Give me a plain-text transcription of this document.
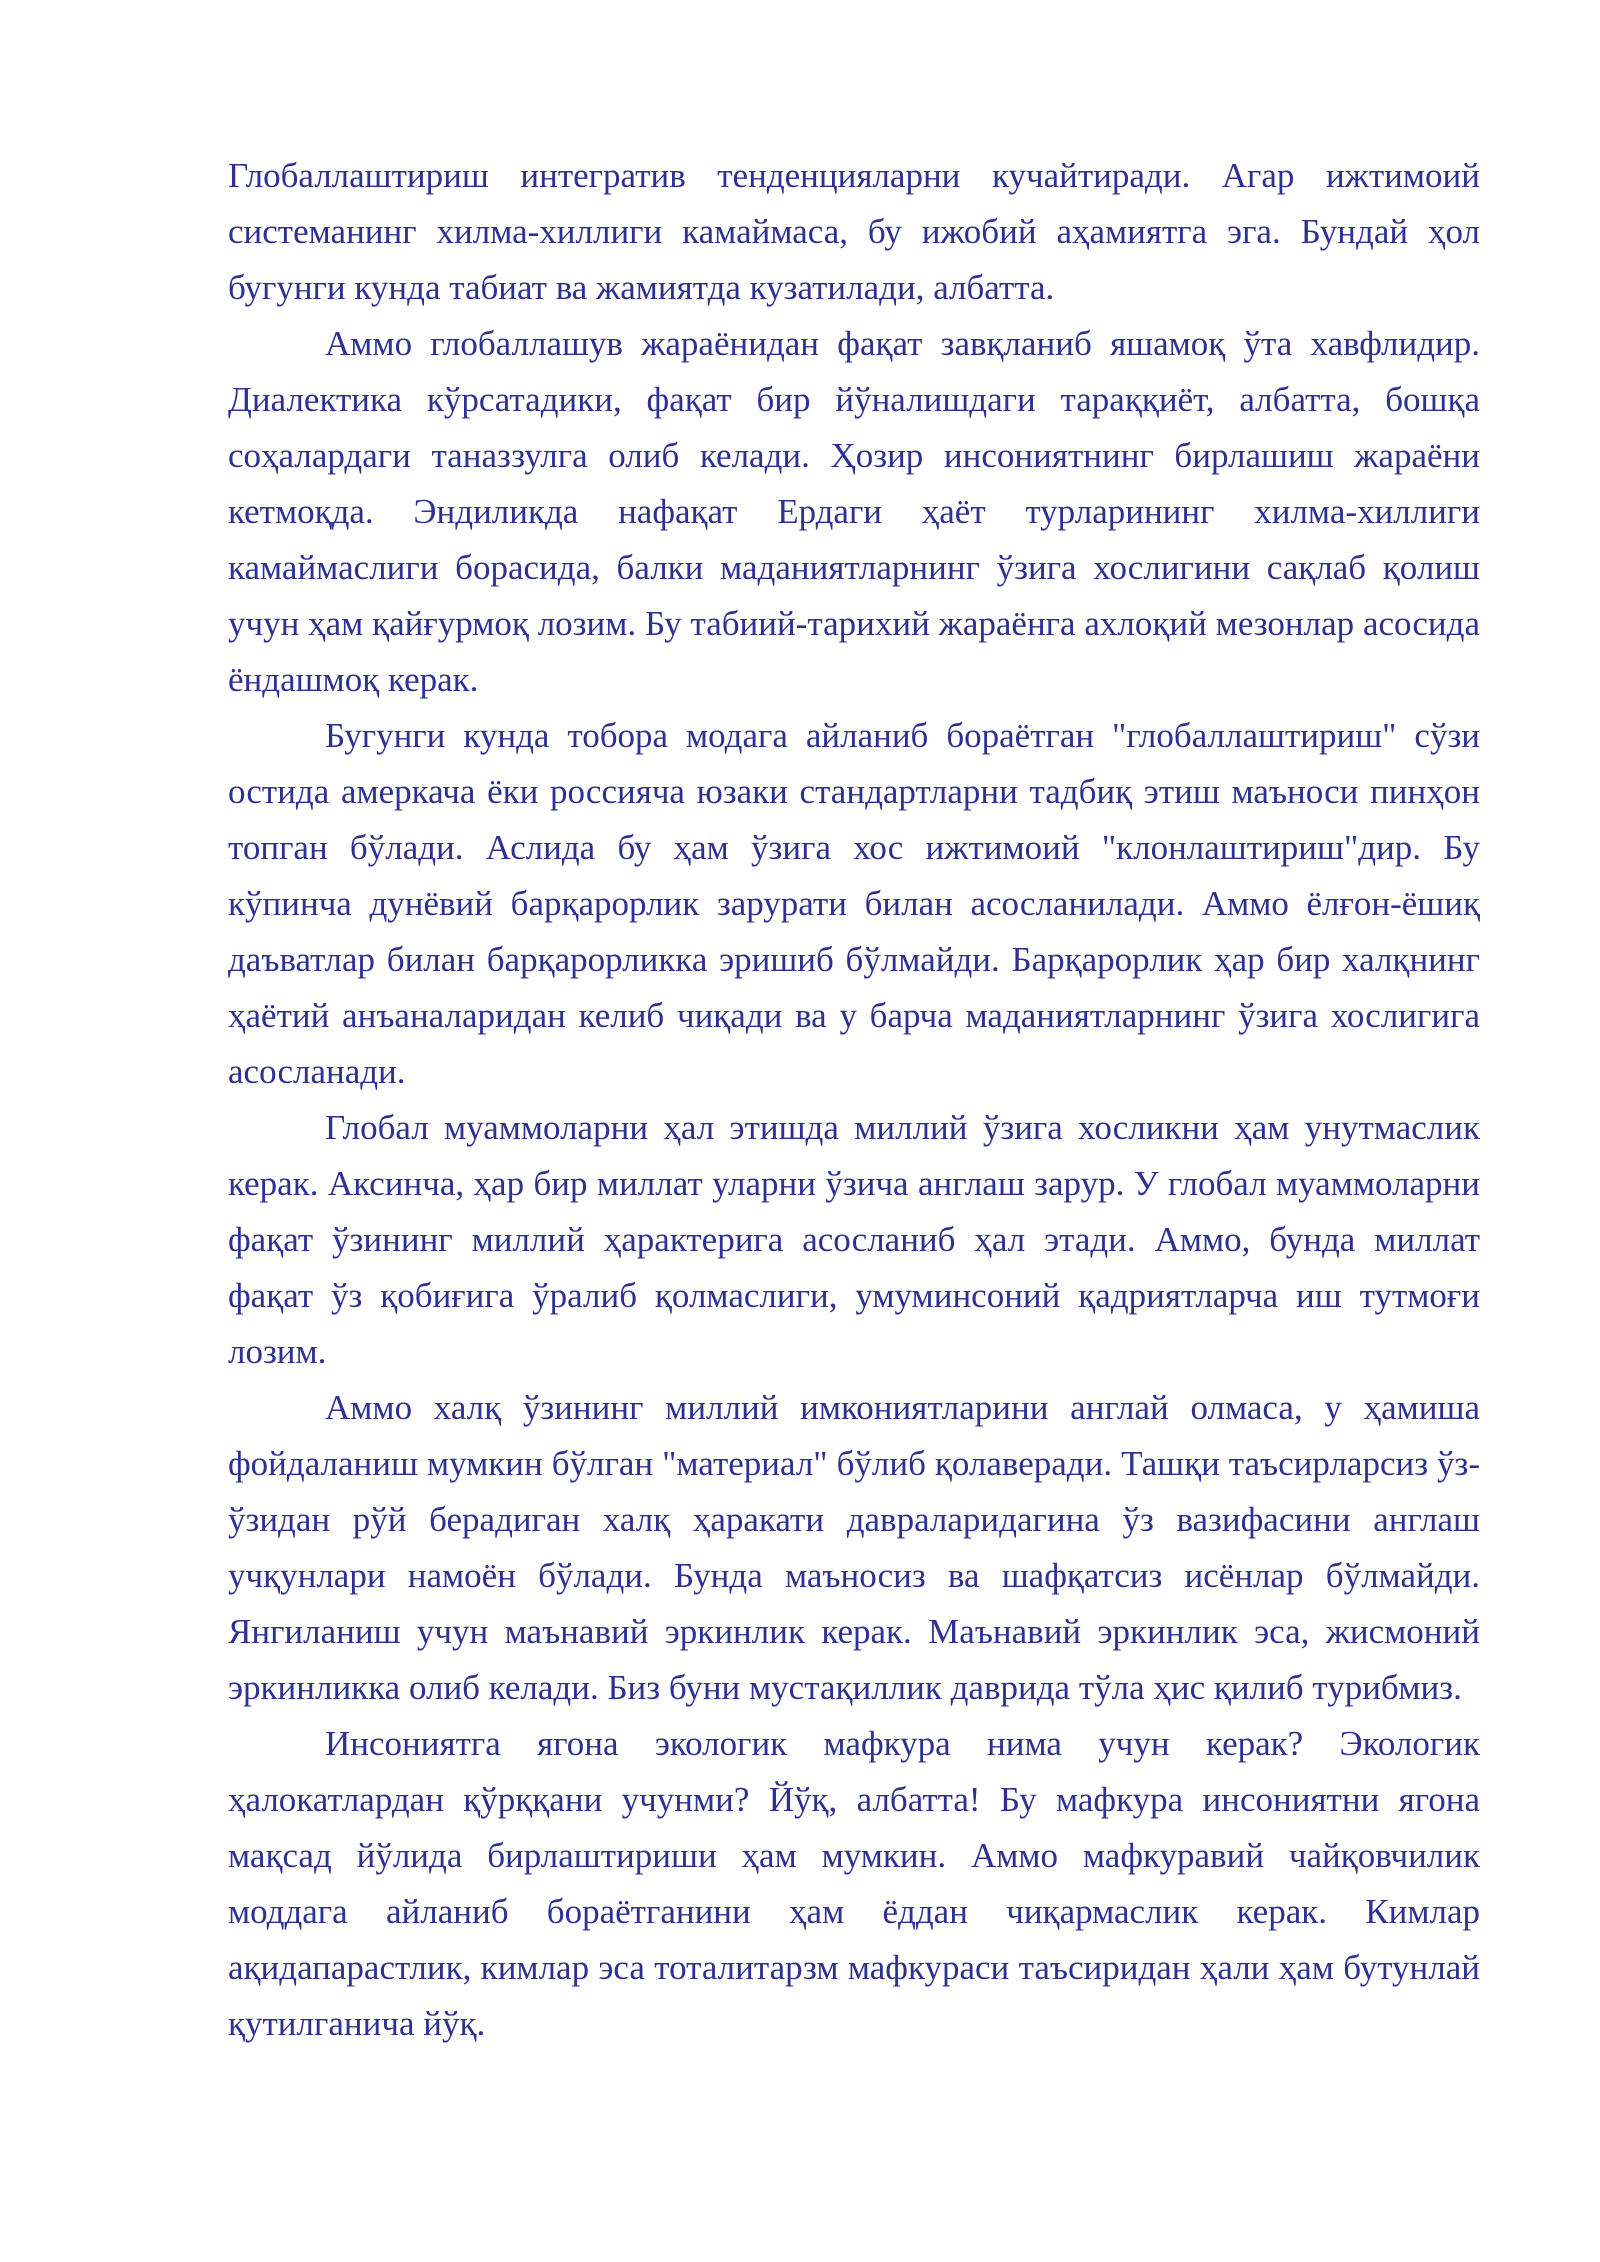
Глобаллаштириш интегратив тенденцияларни кучайтиради. Агар ижтимоий системанинг хилма-хиллиги камаймаса, бу ижобий аҳамиятга эга. Бундай ҳол бугунги кунда табиат ва жамиятда кузатилади, албатта.

Аммо глобаллашув жараёнидан фақат завқланиб яшамоқ ўта хавфлидир. Диалектика кўрсатадики, фақат бир йўналишдаги тараққиёт, албатта, бошқа соҳалардаги таназзулга олиб келади. Ҳозир инсониятнинг бирлашиш жараёни кетмоқда. Эндиликда нафақат Ердаги ҳаёт турларининг хилма-хиллиги камаймаслиги борасида, балки маданиятларнинг ўзига хослигини сақлаб қолиш учун ҳам қайғурмоқ лозим. Бу табиий-тарихий жараёнга ахлоқий мезонлар асосида ёндашмоқ керак.

Бугунги кунда тобора модага айланиб бораётган "глобаллаштириш" сўзи остида амеркача ёки россияча юзаки стандартларни тадбиқ этиш маъноси пинҳон топган бўлади. Аслида бу ҳам ўзига хос ижтимоий "клонлаштириш"дир. Бу кўпинча дунёвий барқарорлик зарурати билан асосланилади. Аммо ёлғон-ёшиқ даъватлар билан барқарорликка эришиб бўлмайди. Барқарорлик ҳар бир халқнинг ҳаётий анъаналаридан келиб чиқади ва у барча маданиятларнинг ўзига хослигига асосланади.

Глобал муаммоларни ҳал этишда миллий ўзига хосликни ҳам унутмаслик керак. Аксинча, ҳар бир миллат уларни ўзича англаш зарур. У глобал муаммоларни фақат ўзининг миллий ҳарактерига асосланиб ҳал этади. Аммо, бунда миллат фақат ўз қобиғига ўралиб қолмаслиги, умуминсоний қадриятларча иш тутмоғи лозим.

Аммо халқ ўзининг миллий имкониятларини англай олмаса, у ҳамиша фойдаланиш мумкин бўлган "материал" бўлиб қолаверади. Ташқи таъсирларсиз ўз-ўзидан рўй берадиган халқ ҳаракати давраларидагина ўз вазифасини англаш учқунлари намоён бўлади. Бунда маъносиз ва шафқатсиз исёнлар бўлмайди. Янгиланиш учун маънавий эркинлик керак. Маънавий эркинлик эса, жисмоний эркинликка олиб келади. Биз буни мустақиллик даврида тўла ҳис қилиб турибмиз.

Инсониятга ягона экологик мафкура нима учун керак? Экологик ҳалокатлардан қўрққани учунми? Йўқ, албатта! Бу мафкура инсониятни ягона мақсад йўлида бирлаштириши ҳам мумкин. Аммо мафкуравий чайқовчилик моддага айланиб бораётганини ҳам ёддан чиқармаслик керак. Кимлар ақидапарастлик, кимлар эса тоталитарзм мафкураси таъсиридан ҳали ҳам бутунлай қутилганича йўқ.
